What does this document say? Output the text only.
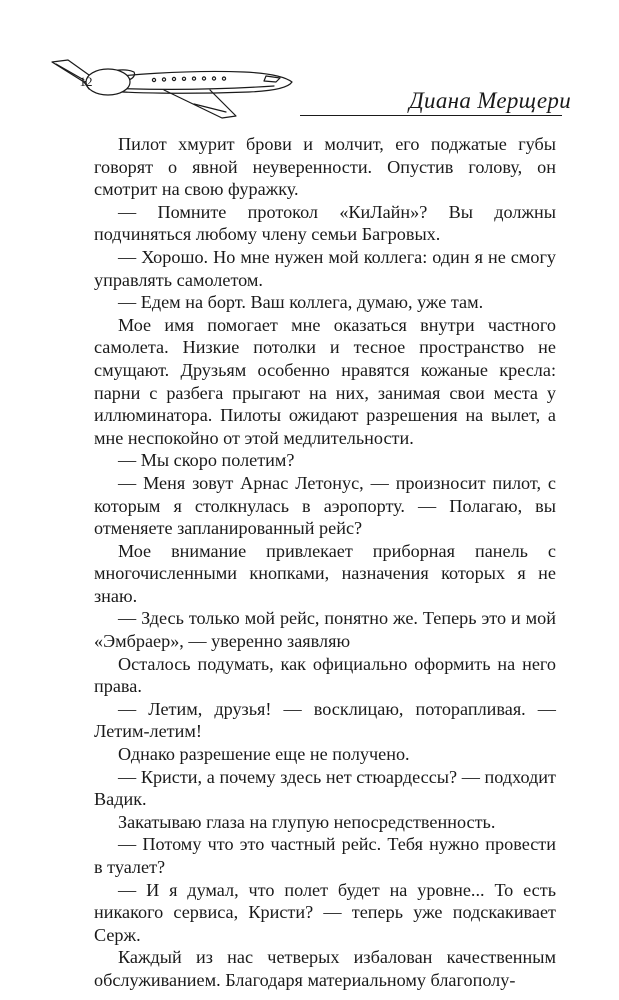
12
Диана Мерщери

Пилот хмурит брови и молчит, его поджатые губы говорят о явной неуверенности. Опустив голову, он смотрит на свою фуражку.

— Помните протокол «КиЛайн»? Вы должны подчиняться любому члену семьи Багровых.

— Хорошо. Но мне нужен мой коллега: один я не смогу управлять самолетом.

— Едем на борт. Ваш коллега, думаю, уже там.

Мое имя помогает мне оказаться внутри частного самолета. Низкие потолки и тесное пространство не смущают. Друзьям особенно нравятся кожаные кресла: парни с разбега прыгают на них, занимая свои места у иллюминатора. Пилоты ожидают разрешения на вылет, а мне неспокойно от этой медлительности.

— Мы скоро полетим?

— Меня зовут Арнас Летонус, — произносит пилот, с которым я столкнулась в аэропорту. — Полагаю, вы отменяете запланированный рейс?

Мое внимание привлекает приборная панель с многочисленными кнопками, назначения которых я не знаю.

— Здесь только мой рейс, понятно же. Теперь это и мой «Эмбраер», — уверенно заявляю

Осталось подумать, как официально оформить на него права.

— Летим, друзья! — восклицаю, поторапливая. — Летим-летим!

Однако разрешение еще не получено.

— Кристи, а почему здесь нет стюардессы? — подходит Вадик.

Закатываю глаза на глупую непосредственность.

— Потому что это частный рейс. Тебя нужно провести в туалет?

— И я думал, что полет будет на уровне... То есть никакого сервиса, Кристи? — теперь уже подскакивает Серж.

Каждый из нас четверых избалован качественным обслуживанием. Благодаря материальному благополу-
